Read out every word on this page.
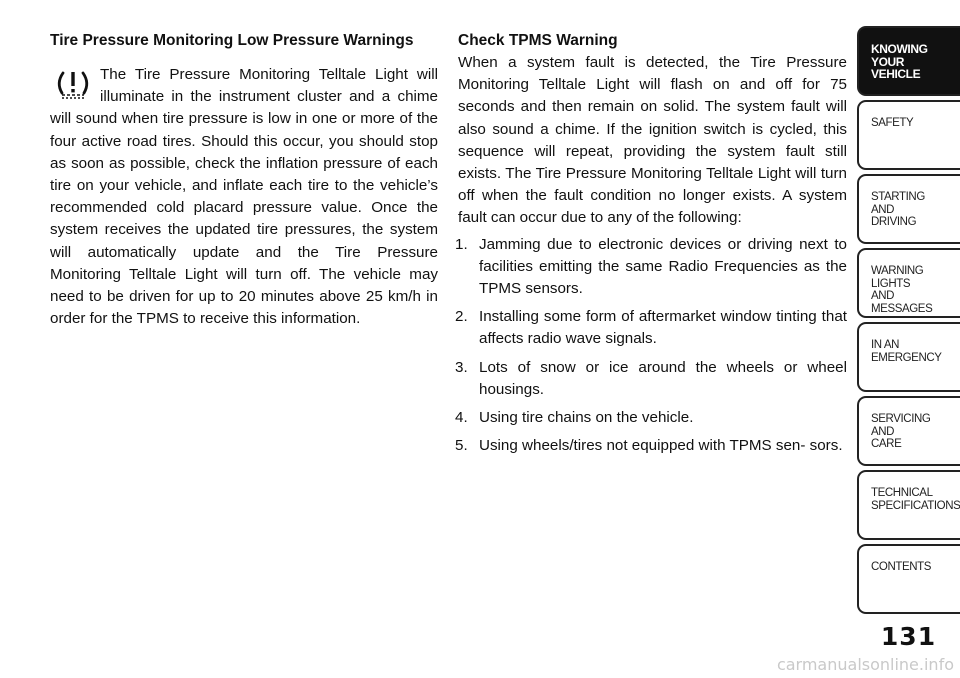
Tire Pressure Monitoring Low Pressure Warnings

The Tire Pressure Monitoring Telltale Light will illuminate in the instrument cluster and a chime will sound when tire pressure is low in one or more of the four active road tires. Should this occur, you should stop as soon as possible, check the inflation pressure of each tire on your vehicle, and inflate each tire to the vehicle’s recommended cold placard pressure value. Once the system receives the updated tire pressures, the system will automatically update and the Tire Pressure Monitoring Telltale Light will turn off. The vehicle may need to be driven for up to 20 minutes above 25 km/h in order for the TPMS to receive this information.

Check TPMS Warning

When a system fault is detected, the Tire Pressure Monitoring Telltale Light will flash on and off for 75 seconds and then remain on solid. The system fault will also sound a chime. If the ignition switch is cycled, this sequence will repeat, providing the system fault still exists. The Tire Pressure Monitoring Telltale Light will turn off when the fault condition no longer exists. A system fault can occur due to any of the following:

1. Jamming due to electronic devices or driving next to facilities emitting the same Radio Frequencies as the TPMS sensors.
2. Installing some form of aftermarket window tinting that affects radio wave signals.
3. Lots of snow or ice around the wheels or wheel housings.
4. Using tire chains on the vehicle.
5. Using wheels/tires not equipped with TPMS sen- sors.
KNOWING
YOUR
VEHICLE
SAFETY
STARTING
AND
DRIVING
WARNING
LIGHTS
AND
MESSAGES
IN AN
EMERGENCY
SERVICING
AND
CARE
TECHNICAL
SPECIFICATIONS
CONTENTS
131
carmanualsonline.info
